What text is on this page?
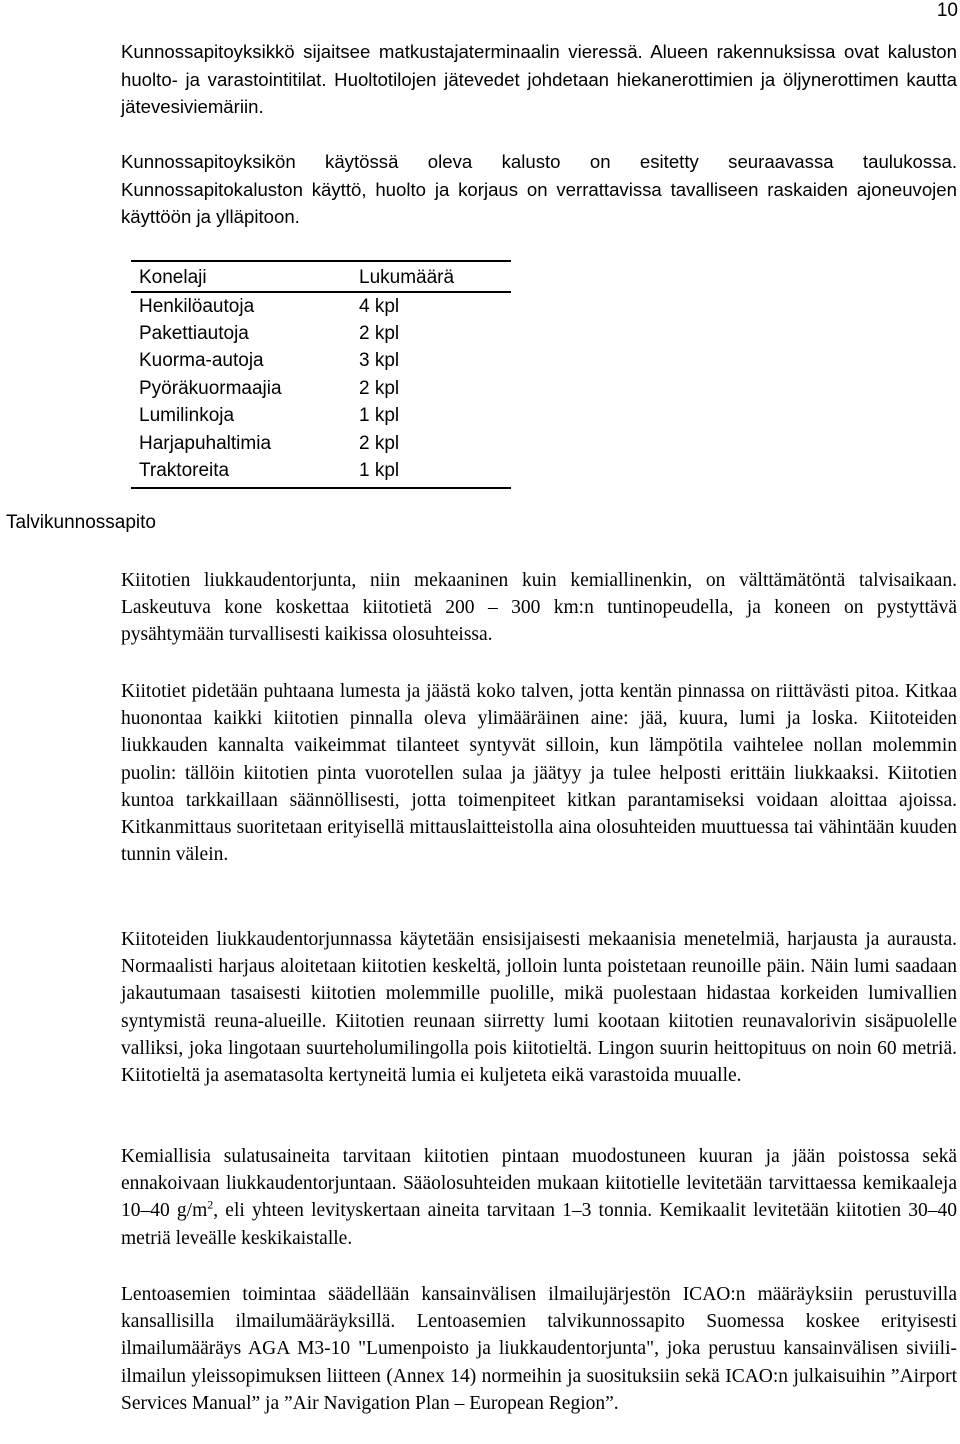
10

Kunnossapitoyksikkö sijaitsee matkustajaterminaalin vieressä. Alueen rakennuksissa ovat kaluston huolto- ja varastointitilat. Huoltotilojen jätevedet johdetaan hiekanerottimien ja öljynerottimen kautta jätevesiviemäriin.

Kunnossapitoyksikön käytössä oleva kalusto on esitetty seuraavassa taulukossa. Kunnossapitokaluston käyttö, huolto ja korjaus on verrattavissa tavalliseen raskaiden ajoneuvojen käyttöön ja ylläpitoon.

Konelaji	Lukumäärä
Henkilöautoja	4 kpl
Pakettiautoja	2 kpl
Kuorma-autoja	3 kpl
Pyöräkuormaajia	2 kpl
Lumilinkoja	1 kpl
Harjapuhaltimia	2 kpl
Traktoreita	1 kpl
Talvikunnossapito

Kiitotien liukkaudentorjunta, niin mekaaninen kuin kemiallinenkin, on välttämätöntä talvisaikaan. Laskeutuva kone koskettaa kiitotietä 200 – 300 km:n tuntinopeudella, ja koneen on pystyttävä pysähtymään turvallisesti kaikissa olosuhteissa.

Kiitotiet pidetään puhtaana lumesta ja jäästä koko talven, jotta kentän pinnassa on riittävästi pitoa. Kitkaa huonontaa kaikki kiitotien pinnalla oleva ylimääräinen aine: jää, kuura, lumi ja loska. Kiitoteiden liukkauden kannalta vaikeimmat tilanteet syntyvät silloin, kun lämpötila vaihtelee nollan molemmin puolin: tällöin kiitotien pinta vuorotellen sulaa ja jäätyy ja tulee helposti erittäin liukkaaksi. Kiitotien kuntoa tarkkaillaan säännöllisesti, jotta toimenpiteet kitkan parantamiseksi voidaan aloittaa ajoissa. Kitkanmittaus suoritetaan erityisellä mittauslaitteistolla aina olosuhteiden muuttuessa tai vähintään kuuden tunnin välein.

Kiitoteiden liukkaudentorjunnassa käytetään ensisijaisesti mekaanisia menetelmiä, harjausta ja aurausta. Normaalisti harjaus aloitetaan kiitotien keskeltä, jolloin lunta poistetaan reunoille päin. Näin lumi saadaan jakautumaan tasaisesti kiitotien molemmille puolille, mikä puolestaan hidastaa korkeiden lumivallien syntymistä reuna-alueille. Kiitotien reunaan siirretty lumi kootaan kiitotien reunavalorivin sisäpuolelle valliksi, joka lingotaan suurteholumilingolla pois kiitotieltä. Lingon suurin heittopituus on noin 60 metriä. Kiitotieltä ja asematasolta kertyneitä lumia ei kuljeteta eikä varastoida muualle.

Kemiallisia sulatusaineita tarvitaan kiitotien pintaan muodostuneen kuuran ja jään poistossa sekä ennakoivaan liukkaudentorjuntaan. Sääolosuhteiden mukaan kiitotielle levitetään tarvittaessa kemikaaleja 10–40 $g/m^2$, eli yhteen levityskertaan aineita tarvitaan 1–3 tonnia. Kemikaalit levitetään kiitotien 30–40 metriä leveälle keskikaistalle.

Lentoasemien toimintaa säädellään kansainvälisen ilmailujärjestön ICAO:n määräyksiin perustuvilla kansallisilla ilmailumääräyksillä. Lentoasemien talvikunnossapito Suomessa koskee erityisesti ilmailumääräys AGA M3-10 "Lumenpoisto ja liukkaudentorjunta", joka perustuu kansainvälisen siviili-ilmailun yleissopimuksen liitteen (Annex 14) normeihin ja suosituksiin sekä ICAO:n julkaisuihin ”Airport Services Manual” ja ”Air Navigation Plan – European Region”.
